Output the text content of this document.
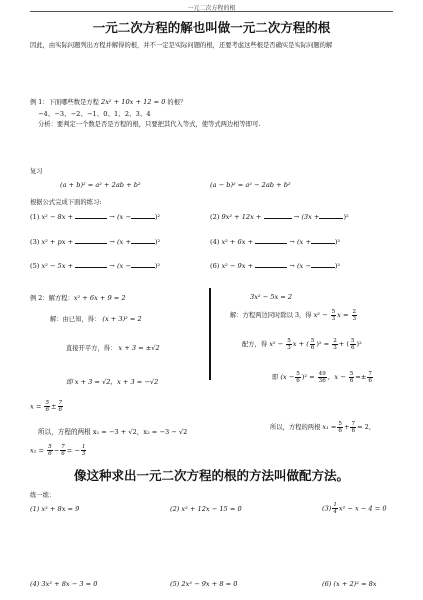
一元二次方程的根
一元二次方程的解也叫做一元二次方程的根
因此，由实际问题列出方程并解得的根，并不一定是实际问题的根，还要考虑这些根是否确实是实际问题的解
例 1：下面哪些数是方程 2x² + 10x + 12 = 0 的根？
−4、−3、−2、−1、0、1、2、3、4
分析：要判定一个数是否是方程的根，只要把其代入等式，使等式两边相等即可.
复习
(a + b)² = a² + 2ab + b²	(a − b)² = a² − 2ab + b²
根据公式完成下面的练习:
(1) x² − 8x +	→ (x −	)²	(2) 9x² + 12x +	→ (3x +	)²
(3) x² + px +	→ (x +	)²	(4) x² + 6x +	→ (x +	)²
(5) x² − 5x +	→ (x −	)²	(6) x² − 9x +	→ (x −	)²
例 2：解方程：x² + 6x + 9 = 2
解：由已知，得： (x + 3)² = 2
直接开平方，得： x + 3 = ±√2
即 x + 3 = √2，x + 3 = −√2
3x² − 5x = 2
解：方程两边同时除以 3，得 $x^2 - \frac{5}{3}$ $x = \frac{2}{3}$
配方，得 $x^2 - \frac{5}{3}$ x + ( $\frac{5}{6} )^2 = \frac{2}{3}$ + ( $\frac{5}{6} )^2$
即 $(x - \frac{5}{6} )^2 = \frac{49}{36}$ ，$x - \frac{5}{6} =\pm \frac{7}{6}$
$x = \frac{5}{6} \pm \frac{7}{6}$
所以，方程的两根 x₁ = −3 + √2，x₂ = −3 − √2
所以，方程的两根 $x_1 = \frac{5}{6} + \frac{7}{6} = 2$，
$x_2 = \frac{5}{6} - \frac{7}{6}$ = − $\frac{1}{3}$
像这种求出一元二次方程的根的方法叫做配方法。
练一练：
(1) x² + 8x = 9	(2) x² + 12x − 15 = 0	$(3) \frac{1}{4} x^2 - x - 4 = 0$
(4) 3x² + 8x − 3 = 0	(5) 2x² − 9x + 8 = 0	(6) (x + 2)² = 8x
